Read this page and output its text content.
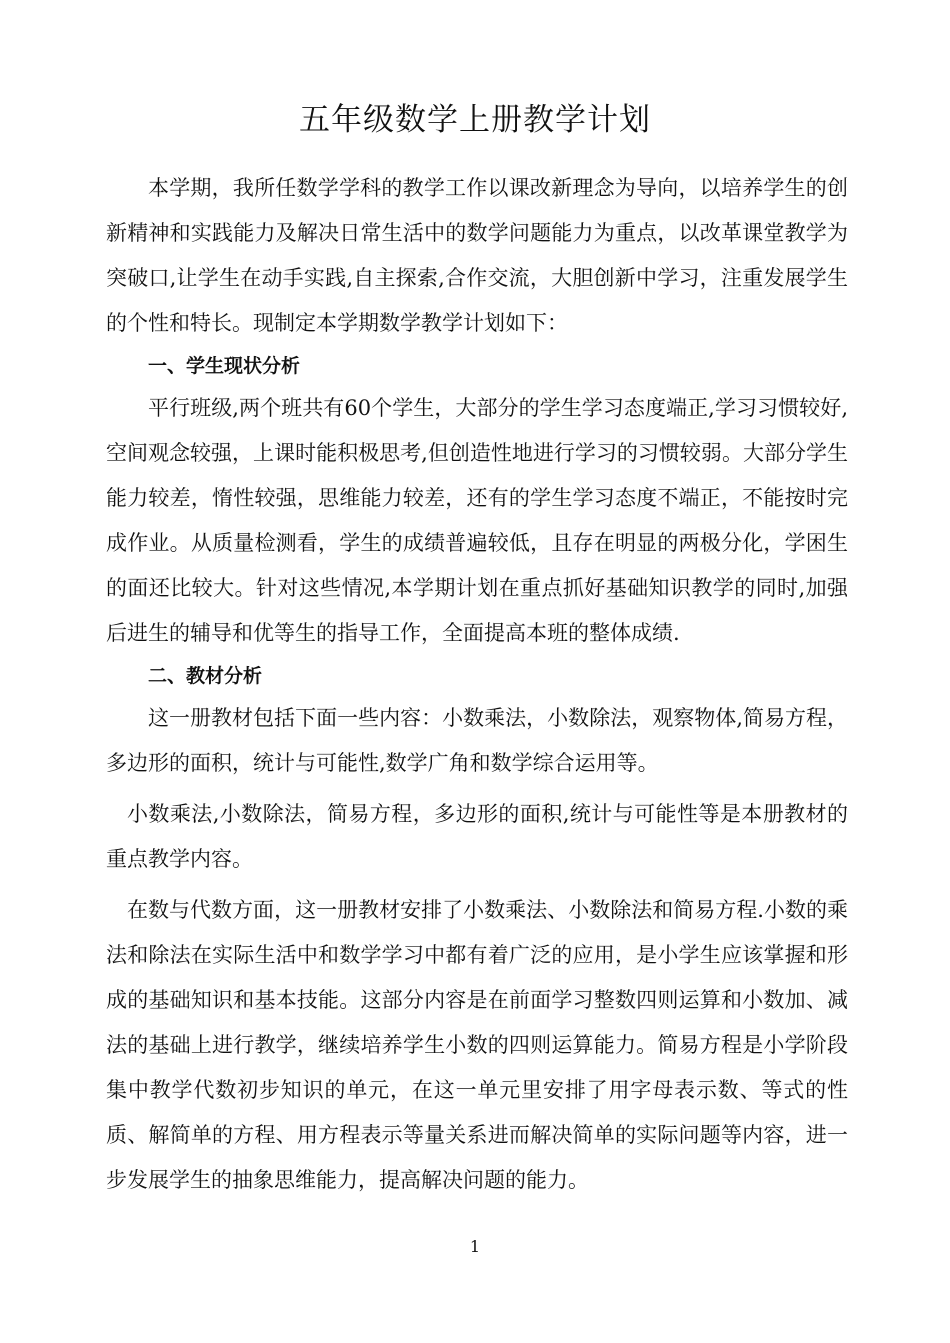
五年级数学上册教学计划

本学期，我所任数学学科的教学工作以课改新理念为导向，以培养学生的创新精神和实践能力及解决日常生活中的数学问题能力为重点，以改革课堂教学为突破口,让学生在动手实践,自主探索,合作交流，大胆创新中学习，注重发展学生的个性和特长。现制定本学期数学教学计划如下：

一、学生现状分析

平行班级,两个班共有60个学生，大部分的学生学习态度端正,学习习惯较好,空间观念较强，上课时能积极思考,但创造性地进行学习的习惯较弱。大部分学生能力较差，惰性较强，思维能力较差，还有的学生学习态度不端正，不能按时完成作业。从质量检测看，学生的成绩普遍较低，且存在明显的两极分化，学困生的面还比较大。针对这些情况,本学期计划在重点抓好基础知识教学的同时,加强后进生的辅导和优等生的指导工作，全面提高本班的整体成绩.

二、教材分析

这一册教材包括下面一些内容：小数乘法，小数除法，观察物体,简易方程，多边形的面积，统计与可能性,数学广角和数学综合运用等。

小数乘法,小数除法，简易方程，多边形的面积,统计与可能性等是本册教材的重点教学内容。

在数与代数方面，这一册教材安排了小数乘法、小数除法和简易方程.小数的乘法和除法在实际生活中和数学学习中都有着广泛的应用，是小学生应该掌握和形成的基础知识和基本技能。这部分内容是在前面学习整数四则运算和小数加、减法的基础上进行教学，继续培养学生小数的四则运算能力。简易方程是小学阶段集中教学代数初步知识的单元，在这一单元里安排了用字母表示数、等式的性质、解简单的方程、用方程表示等量关系进而解决简单的实际问题等内容，进一步发展学生的抽象思维能力，提高解决问题的能力。

1
